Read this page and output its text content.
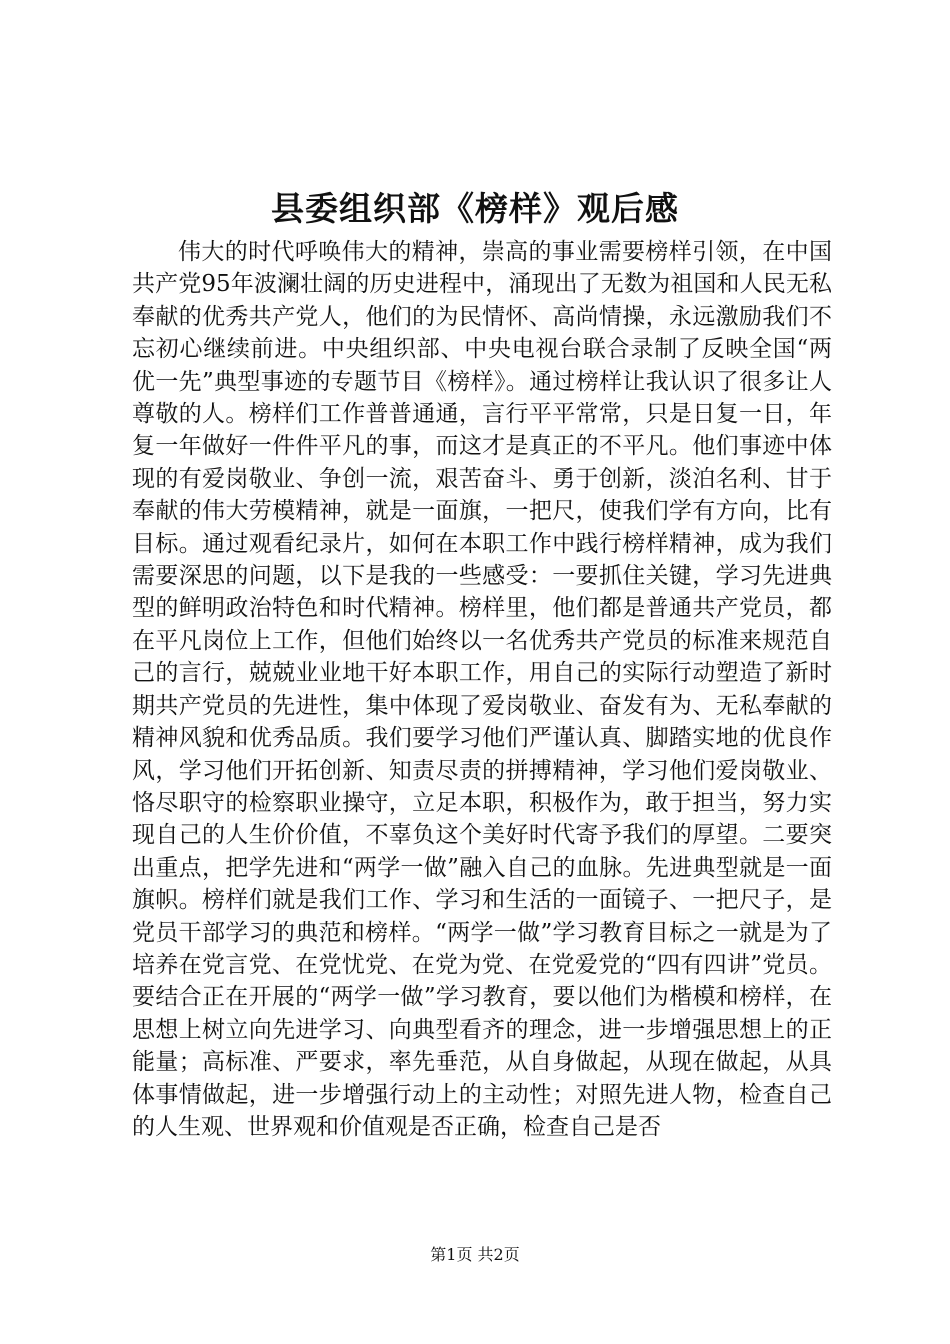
县委组织部《榜样》观后感

伟大的时代呼唤伟大的精神，崇高的事业需要榜样引领，在中国共产党95年波澜壮阔的历史进程中，涌现出了无数为祖国和人民无私奉献的优秀共产党人，他们的为民情怀、高尚情操，永远激励我们不忘初心继续前进。中央组织部、中央电视台联合录制了反映全国“两优一先”典型事迹的专题节目《榜样》。通过榜样让我认识了很多让人尊敬的人。榜样们工作普普通通，言行平平常常，只是日复一日，年复一年做好一件件平凡的事，而这才是真正的不平凡。他们事迹中体现的有爱岗敬业、争创一流，艰苦奋斗、勇于创新，淡泊名利、甘于奉献的伟大劳模精神，就是一面旗，一把尺，使我们学有方向，比有目标。通过观看纪录片，如何在本职工作中践行榜样精神，成为我们需要深思的问题，以下是我的一些感受：一要抓住关键，学习先进典型的鲜明政治特色和时代精神。榜样里，他们都是普通共产党员，都在平凡岗位上工作，但他们始终以一名优秀共产党员的标准来规范自己的言行，兢兢业业地干好本职工作，用自己的实际行动塑造了新时期共产党员的先进性，集中体现了爱岗敬业、奋发有为、无私奉献的精神风貌和优秀品质。我们要学习他们严谨认真、脚踏实地的优良作风，学习他们开拓创新、知责尽责的拼搏精神，学习他们爱岗敬业、恪尽职守的检察职业操守，立足本职，积极作为，敢于担当，努力实现自己的人生价价值，不辜负这个美好时代寄予我们的厚望。二要突出重点，把学先进和“两学一做”融入自己的血脉。先进典型就是一面旗帜。榜样们就是我们工作、学习和生活的一面镜子、一把尺子，是党员干部学习的典范和榜样。“两学一做”学习教育目标之一就是为了培养在党言党、在党忧党、在党为党、在党爱党的“四有四讲”党员。要结合正在开展的“两学一做”学习教育，要以他们为楷模和榜样，在思想上树立向先进学习、向典型看齐的理念，进一步增强思想上的正能量；高标准、严要求，率先垂范，从自身做起，从现在做起，从具体事情做起，进一步增强行动上的主动性；对照先进人物，检查自己的人生观、世界观和价值观是否正确，检查自己是否

第1页 共2页
